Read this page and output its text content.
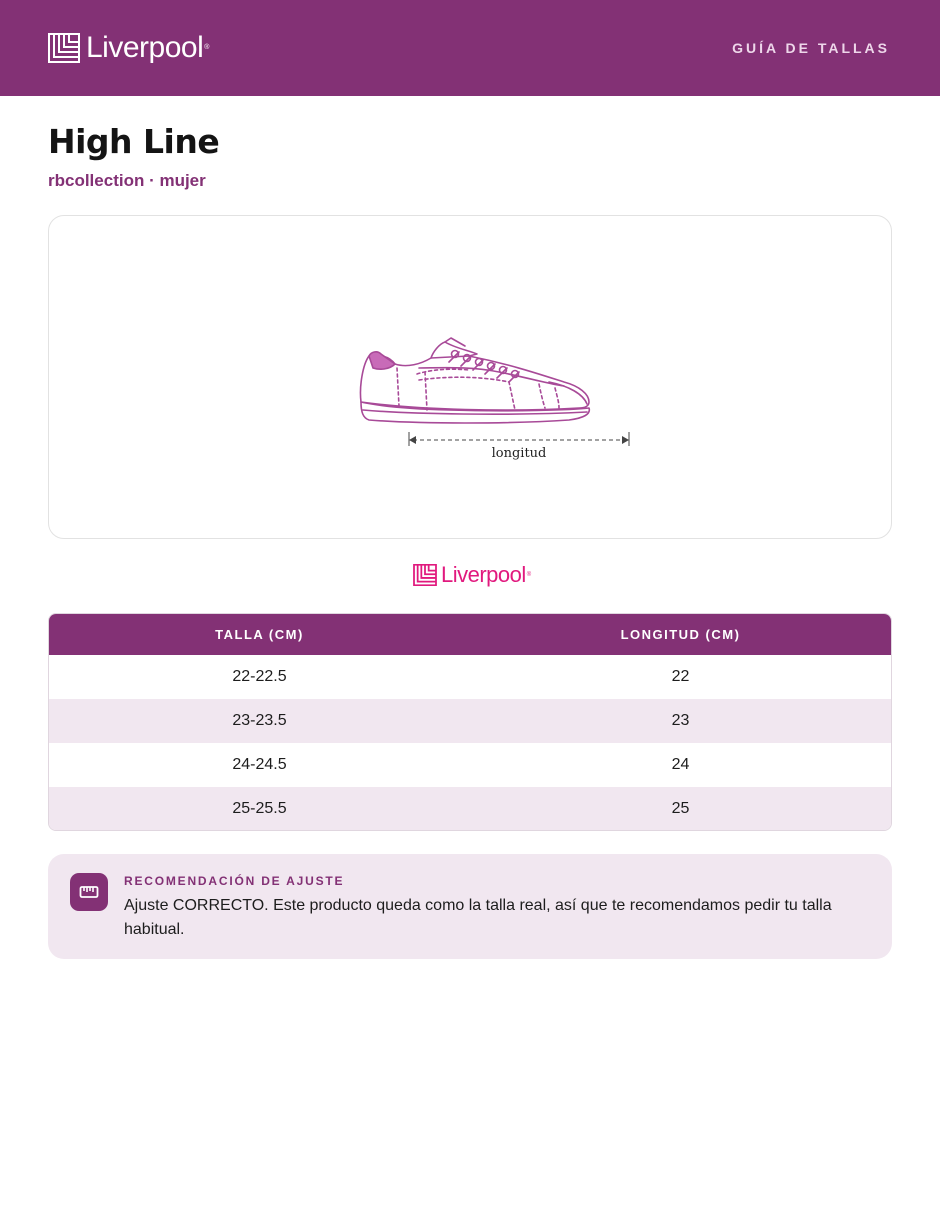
Liverpool ®	GUÍA DE TALLAS
High Line
rbcollection · mujer
longitud
Liverpool ®
TALLA (CM)	LONGITUD (CM)
22-22.5	22
23-23.5	23
24-24.5	24
25-25.5	25
RECOMENDACIÓN DE AJUSTE
Ajuste CORRECTO. Este producto queda como la talla real, así que te recomendamos pedir tu talla habitual.
